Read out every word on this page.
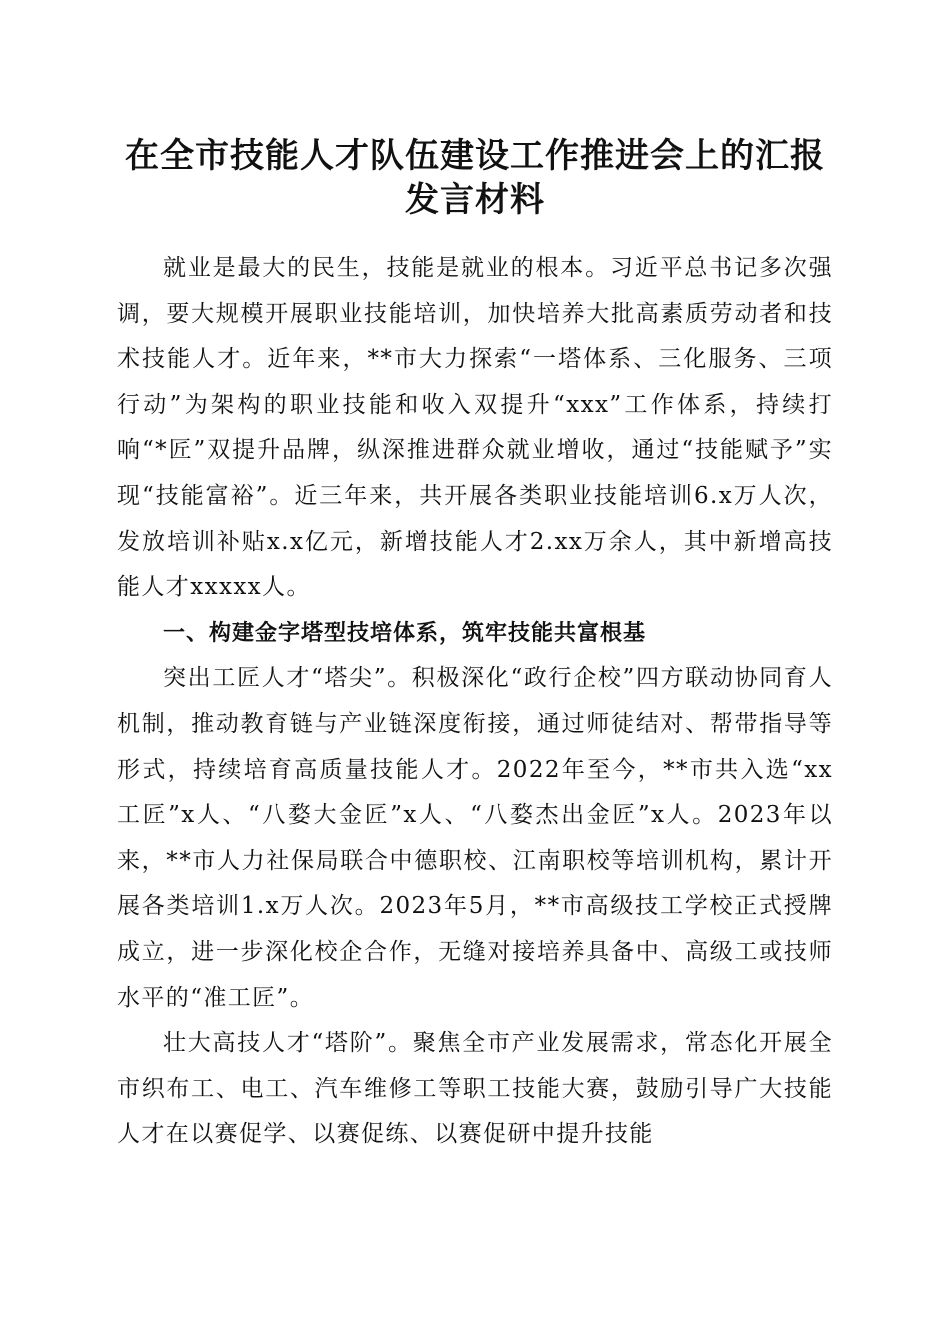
在全市技能人才队伍建设工作推进会上的汇报
发言材料

就业是最大的民生，技能是就业的根本。习近平总书记多次强调，要大规模开展职业技能培训，加快培养大批高素质劳动者和技术技能人才。近年来，**市大力探索“一塔体系、三化服务、三项行动”为架构的职业技能和收入双提升“xxx”工作体系，持续打响“*匠”双提升品牌，纵深推进群众就业增收，通过“技能赋予”实现“技能富裕”。近三年来，共开展各类职业技能培训6.x万人次，发放培训补贴x.x亿元，新增技能人才2.xx万余人，其中新增高技能人才xxxxx人。

一、构建金字塔型技培体系，筑牢技能共富根基

突出工匠人才“塔尖”。积极深化“政行企校”四方联动协同育人机制，推动教育链与产业链深度衔接，通过师徒结对、帮带指导等形式，持续培育高质量技能人才。2022年至今，**市共入选“xx工匠”x人、“八婺大金匠”x人、“八婺杰出金匠”x人。2023年以来，**市人力社保局联合中德职校、江南职校等培训机构，累计开展各类培训1.x万人次。2023年5月，**市高级技工学校正式授牌成立，进一步深化校企合作，无缝对接培养具备中、高级工或技师水平的“准工匠”。

壮大高技人才“塔阶”。聚焦全市产业发展需求，常态化开展全市织布工、电工、汽车维修工等职工技能大赛，鼓励引导广大技能人才在以赛促学、以赛促练、以赛促研中提升技能
